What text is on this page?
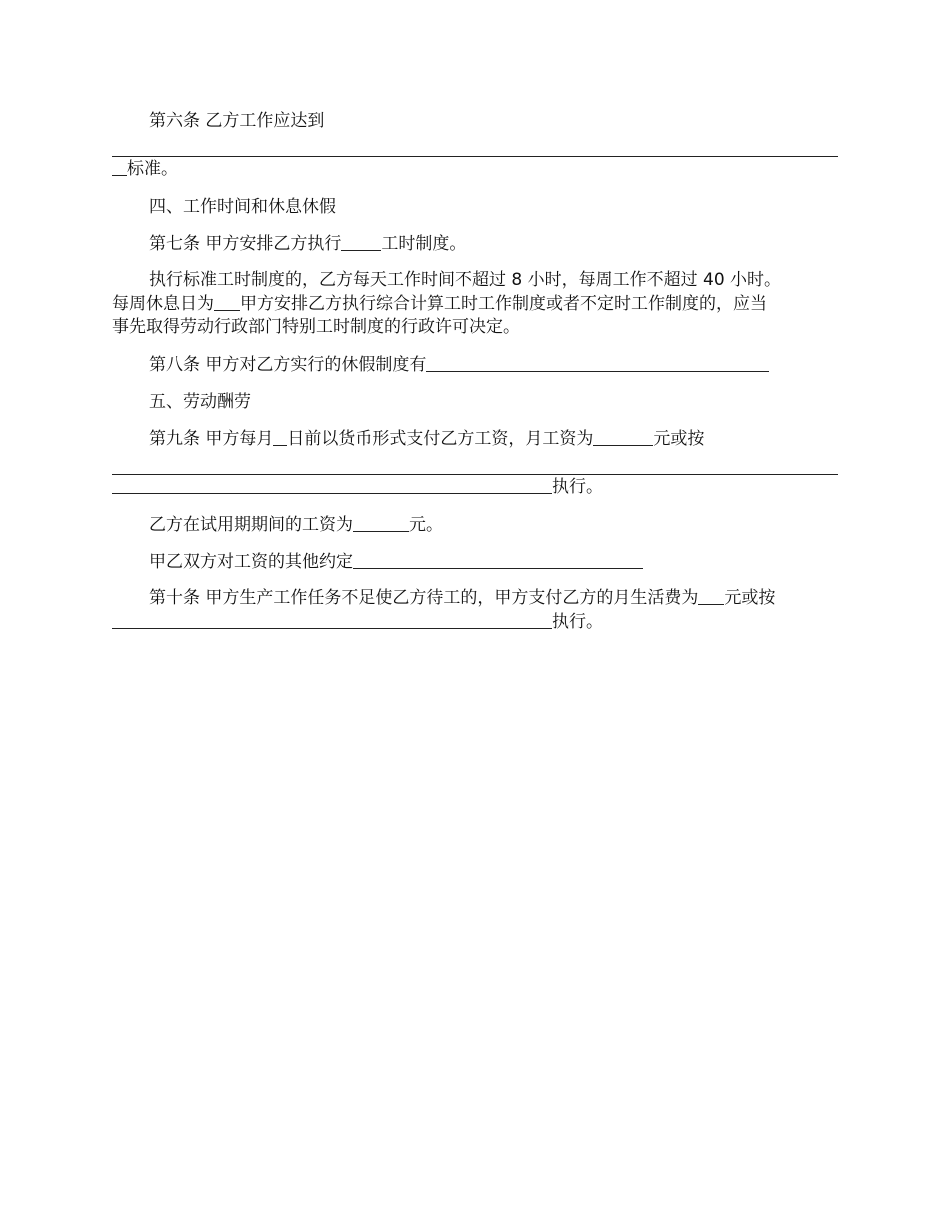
第六条 乙方工作应达到
标准。
四、工作时间和休息休假
第七条 甲方安排乙方执行 工时制度。
执行标准工时制度的，乙方每天工作时间不超过 8 小时，每周工作不超过 40 小时。
每周休息日为 甲方安排乙方执行综合计算工时工作制度或者不定时工作制度的，应当
事先取得劳动行政部门特别工时制度的行政许可决定。
第八条 甲方对乙方实行的休假制度有
五、劳动酬劳
第九条 甲方每月 日前以货币形式支付乙方工资，月工资为	元或按
执行。
乙方在试用期期间的工资为	元。
甲乙双方对工资的其他约定
第十条 甲方生产工作任务不足使乙方待工的，甲方支付乙方的月生活费为 元或按
执行。
